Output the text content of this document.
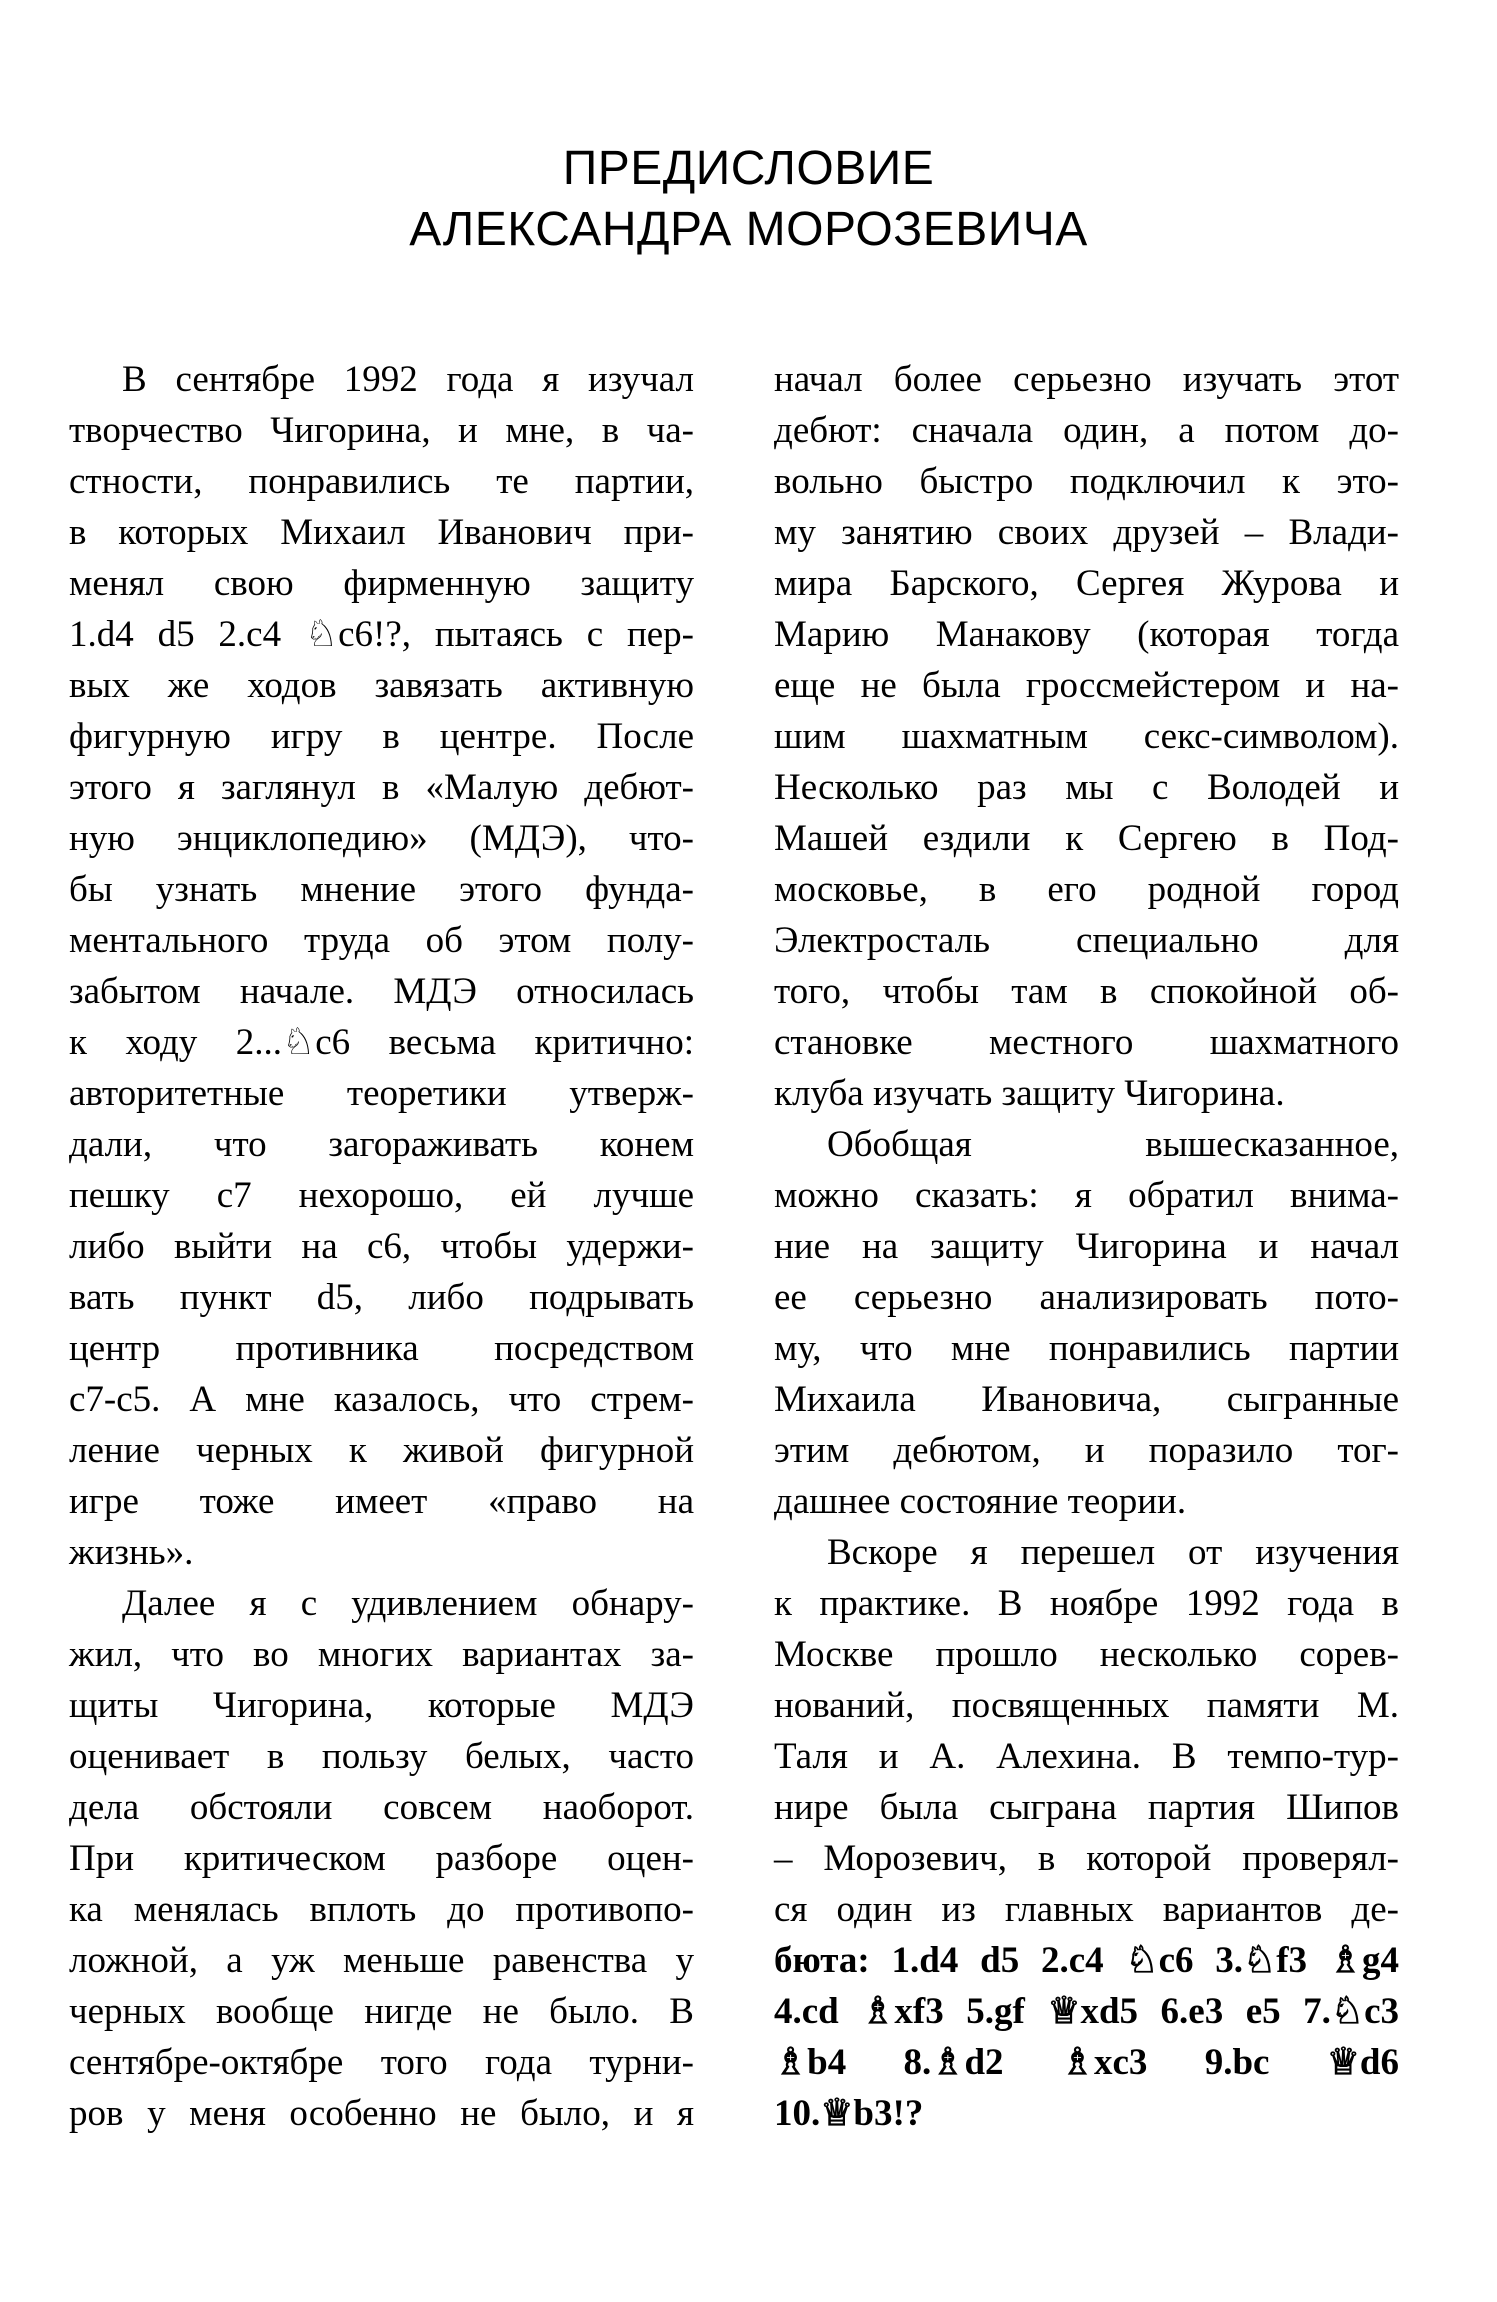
ПРЕДИСЛОВИЕ
АЛЕКСАНДРА МОРОЗЕВИЧА
В сентябре 1992 года я изучал
творчество Чигорина, и мне, в ча-
стности, понравились те партии,
в которых Михаил Иванович при-
менял свою фирменную защиту
1.d4 d5 2.c4 ♘c6!?, пытаясь с пер-
вых же ходов завязать активную
фигурную игру в центре. После
этого я заглянул в «Малую дебют-
ную энциклопедию» (МДЭ), что-
бы узнать мнение этого фунда-
ментального труда об этом полу-
забытом начале. МДЭ относилась
к ходу 2...♘c6 весьма критично:
авторитетные теоретики утверж-
дали, что загораживать конем
пешку c7 нехорошо, ей лучше
либо выйти на c6, чтобы удержи-
вать пункт d5, либо подрывать
центр противника посредством
c7-c5. А мне казалось, что стрем-
ление черных к живой фигурной
игре тоже имеет «право на
жизнь».
Далее я с удивлением обнару-
жил, что во многих вариантах за-
щиты Чигорина, которые МДЭ
оценивает в пользу белых, часто
дела обстояли совсем наоборот.
При критическом разборе оцен-
ка менялась вплоть до противопо-
ложной, а уж меньше равенства у
черных вообще нигде не было. В
сентябре-октябре того года турни-
ров у меня особенно не было, и я
начал более серьезно изучать этот
дебют: сначала один, а потом до-
вольно быстро подключил к это-
му занятию своих друзей – Влади-
мира Барского, Сергея Журова и
Марию Манакову (которая тогда
еще не была гроссмейстером и на-
шим шахматным секс-символом).
Несколько раз мы с Володей и
Машей ездили к Сергею в Под-
московье, в его родной город
Электросталь специально для
того, чтобы там в спокойной об-
становке местного шахматного
клуба изучать защиту Чигорина.
Обобщая вышесказанное,
можно сказать: я обратил внима-
ние на защиту Чигорина и начал
ее серьезно анализировать пото-
му, что мне понравились партии
Михаила Ивановича, сыгранные
этим дебютом, и поразило тог-
дашнее состояние теории.
Вскоре я перешел от изучения
к практике. В ноябре 1992 года в
Москве прошло несколько сорев-
нований, посвященных памяти М.
Таля и А. Алехина. В темпо-тур-
нире была сыграна партия Шипов
– Морозевич, в которой проверял-
ся один из главных вариантов де-
бюта: 1.d4 d5 2.c4 ♘c6 3.♘f3 ♗g4
4.cd ♗xf3 5.gf ♕xd5 6.e3 e5 7.♘c3
♗b4 8.♗d2 ♗xc3 9.bc ♕d6
10.♕b3!?
